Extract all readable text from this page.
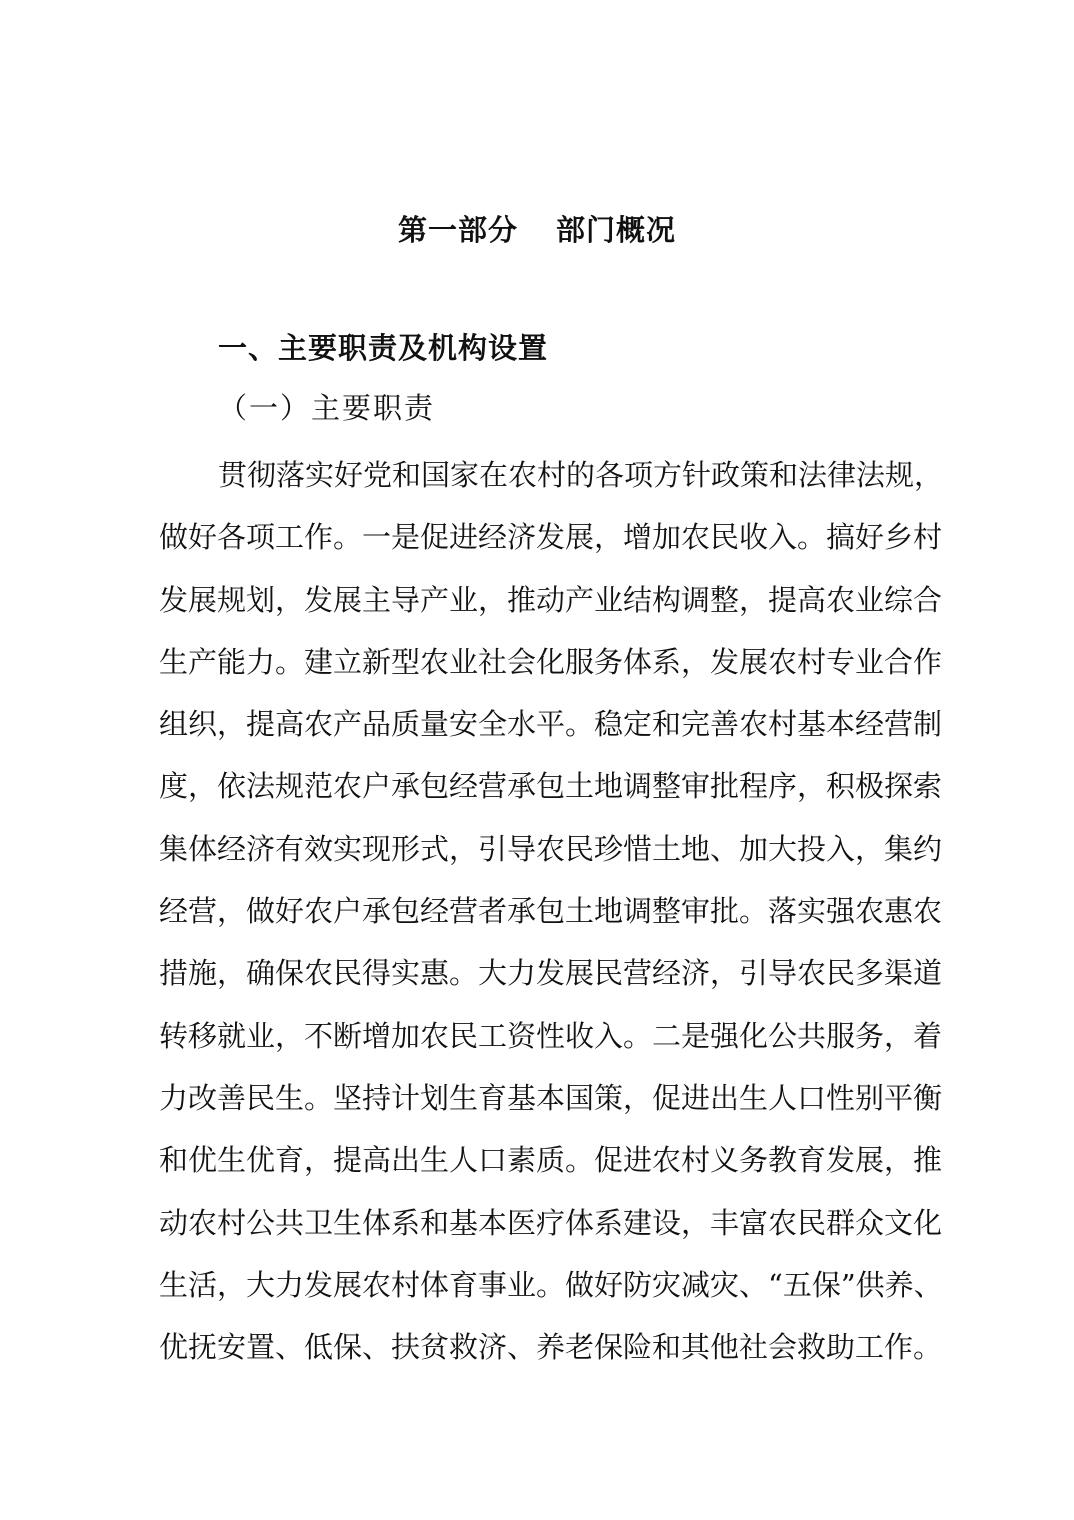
第一部分 部门概况
一、主要职责及机构设置
（一）主要职责
贯彻落实好党和国家在农村的各项方针政策和法律法规，
做好各项工作。一是促进经济发展，增加农民收入。搞好乡村
发展规划，发展主导产业，推动产业结构调整，提高农业综合
生产能力。建立新型农业社会化服务体系，发展农村专业合作
组织，提高农产品质量安全水平。稳定和完善农村基本经营制
度，依法规范农户承包经营承包土地调整审批程序，积极探索
集体经济有效实现形式，引导农民珍惜土地、加大投入，集约
经营，做好农户承包经营者承包土地调整审批。落实强农惠农
措施，确保农民得实惠。大力发展民营经济，引导农民多渠道
转移就业，不断增加农民工资性收入。二是强化公共服务，着
力改善民生。坚持计划生育基本国策，促进出生人口性别平衡
和优生优育，提高出生人口素质。促进农村义务教育发展，推
动农村公共卫生体系和基本医疗体系建设，丰富农民群众文化
生活，大力发展农村体育事业。做好防灾减灾、“五保”供养、
优抚安置、低保、扶贫救济、养老保险和其他社会救助工作。
